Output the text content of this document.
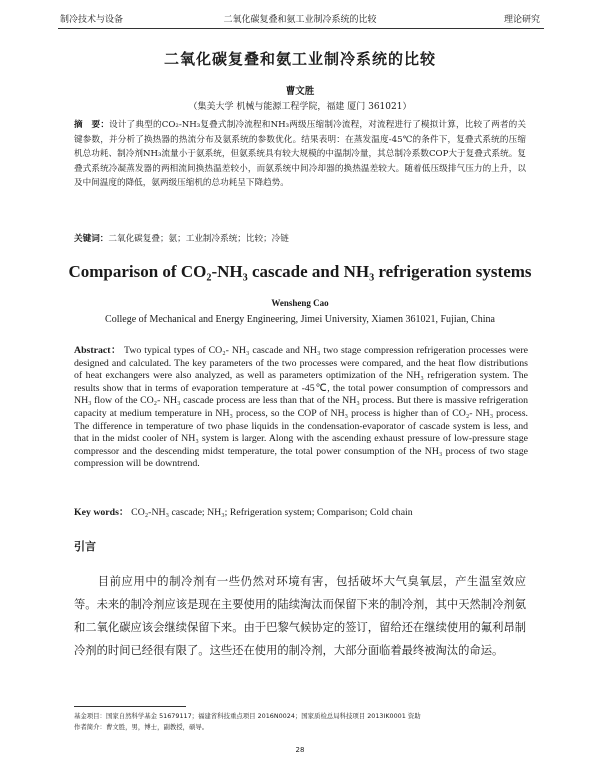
制冷技术与设备	二氧化碳复叠和氨工业制冷系统的比较	理论研究
二氧化碳复叠和氨工业制冷系统的比较
曹文胜
（集美大学 机械与能源工程学院，福建 厦门 361021）
摘　要：设计了典型的CO₂-NH₃复叠式制冷流程和NH₃两级压缩制冷流程，对流程进行了模拟计算，比较了两者的关键参数，并分析了换热器的热流分布及氨系统的参数优化。结果表明：在蒸发温度-45℃的条件下，复叠式系统的压缩机总功耗、制冷剂NH₃流量小于氨系统，但氨系统具有较大规模的中温制冷量，其总制冷系数COP大于复叠式系统。复叠式系统冷凝蒸发器的两相流间换热温差较小，而氨系统中间冷却器的换热温差较大。随着低压级排气压力的上升，以及中间温度的降低，氨两级压缩机的总功耗呈下降趋势。
关键词：二氧化碳复叠；氨；工业制冷系统；比较；冷链
Comparison of CO₂-NH₃ cascade and NH₃ refrigeration systems
Wensheng Cao
College of Mechanical and Energy Engineering, Jimei University, Xiamen 361021, Fujian, China
Abstract： Two typical types of CO₂- NH₃ cascade and NH₃ two stage compression refrigeration processes were designed and calculated. The key parameters of the two processes were compared, and the heat flow distributions of heat exchangers were also analyzed, as well as parameters optimization of the NH₃ refrigeration system. The results show that in terms of evaporation temperature at -45℃, the total power consumption of compressors and NH₃ flow of the CO₂- NH₃ cascade process are less than that of the NH₃ process. But there is massive refrigeration capacity at medium temperature in NH₃ process, so the COP of NH₃ process is higher than of CO₂- NH₃ process. The difference in temperature of two phase liquids in the condensation-evaporator of cascade system is less, and that in the midst cooler of NH₃ system is larger. Along with the ascending exhaust pressure of low-pressure stage compressor and the descending midst temperature, the total power consumption of the NH₃ process of two stage compression will be downtrend.
Key words： CO₂-NH₃ cascade; NH₃; Refrigeration system; Comparison; Cold chain
引言
目前应用中的制冷剂有一些仍然对环境有害，包括破坏大气臭氧层，产生温室效应等。未来的制冷剂应该是现在主要使用的陆续淘汰而保留下来的制冷剂，其中天然制冷剂氨和二氧化碳应该会继续保留下来。由于巴黎气候协定的签订，留给还在继续使用的氟利昂制冷剂的时间已经很有限了。这些还在使用的制冷剂，大部分面临着最终被淘汰的命运。
基金项目：国家自然科学基金 51679117；福建省科技重点项目 2016N0024；国家质检总局科技项目 2013IK0001 资助
作者简介：曹文胜，男，博士，副教授，硕导。
28
